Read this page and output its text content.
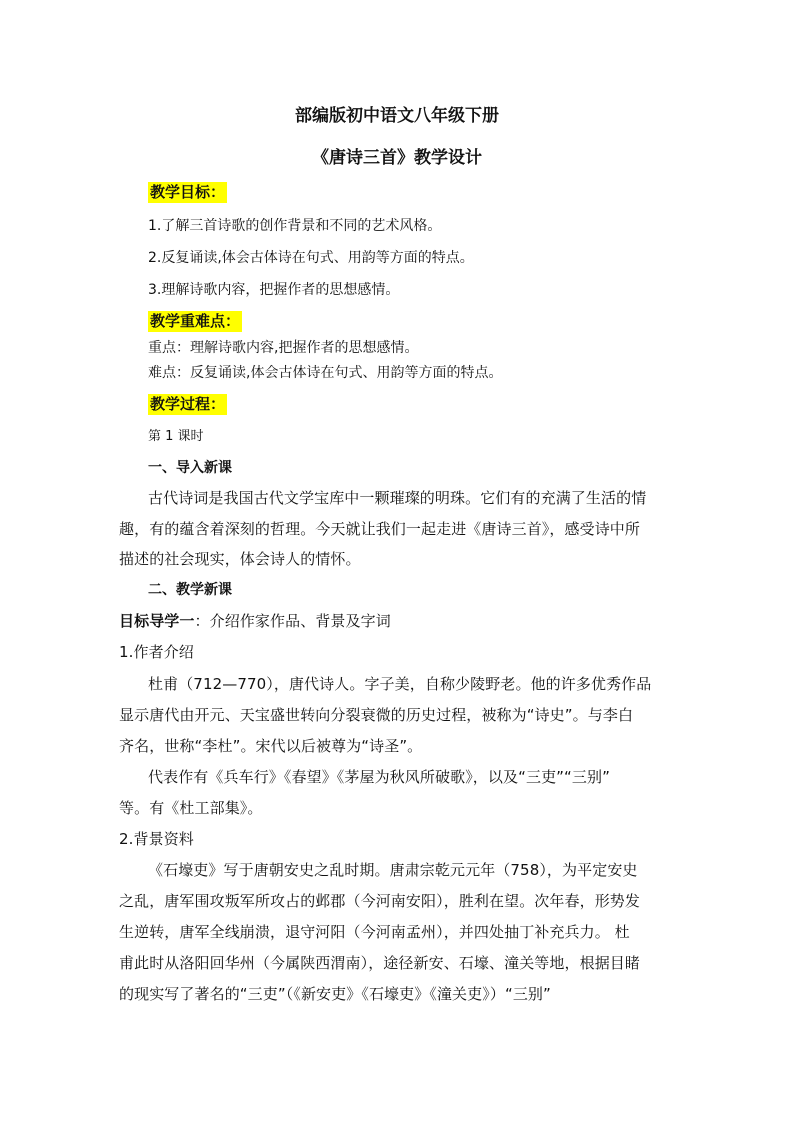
部编版初中语文八年级下册
《唐诗三首》教学设计
教学目标：
1.了解三首诗歌的创作背景和不同的艺术风格。
2.反复诵读,体会古体诗在句式、用韵等方面的特点。
3.理解诗歌内容，把握作者的思想感情。
教学重难点：
重点：理解诗歌内容,把握作者的思想感情。
难点：反复诵读,体会古体诗在句式、用韵等方面的特点。
教学过程：
第 1 课时
一、导入新课
古代诗词是我国古代文学宝库中一颗璀璨的明珠。它们有的充满了生活的情
趣，有的蕴含着深刻的哲理。今天就让我们一起走进《唐诗三首》，感受诗中所
描述的社会现实，体会诗人的情怀。
二、教学新课
目标导学一：介绍作家作品、背景及字词
1.作者介绍
杜甫（712—770），唐代诗人。字子美，自称少陵野老。他的许多优秀作品
显示唐代由开元、天宝盛世转向分裂衰微的历史过程，被称为“诗史”。与李白
齐名，世称“李杜”。宋代以后被尊为“诗圣”。
代表作有《兵车行》《春望》《茅屋为秋风所破歌》，以及“三吏”“三别”
等。有《杜工部集》。
2.背景资料
《石壕吏》写于唐朝安史之乱时期。唐肃宗乾元元年（758），为平定安史
之乱，唐军围攻叛军所攻占的邺郡（今河南安阳），胜利在望。次年春，形势发
生逆转，唐军全线崩溃，退守河阳（今河南孟州），并四处抽丁补充兵力。 杜
甫此时从洛阳回华州（今属陕西渭南），途径新安、石壕、潼关等地，根据目睹
的现实写了著名的“三吏”（《新安吏》《石壕吏》《潼关吏》）“三别”
